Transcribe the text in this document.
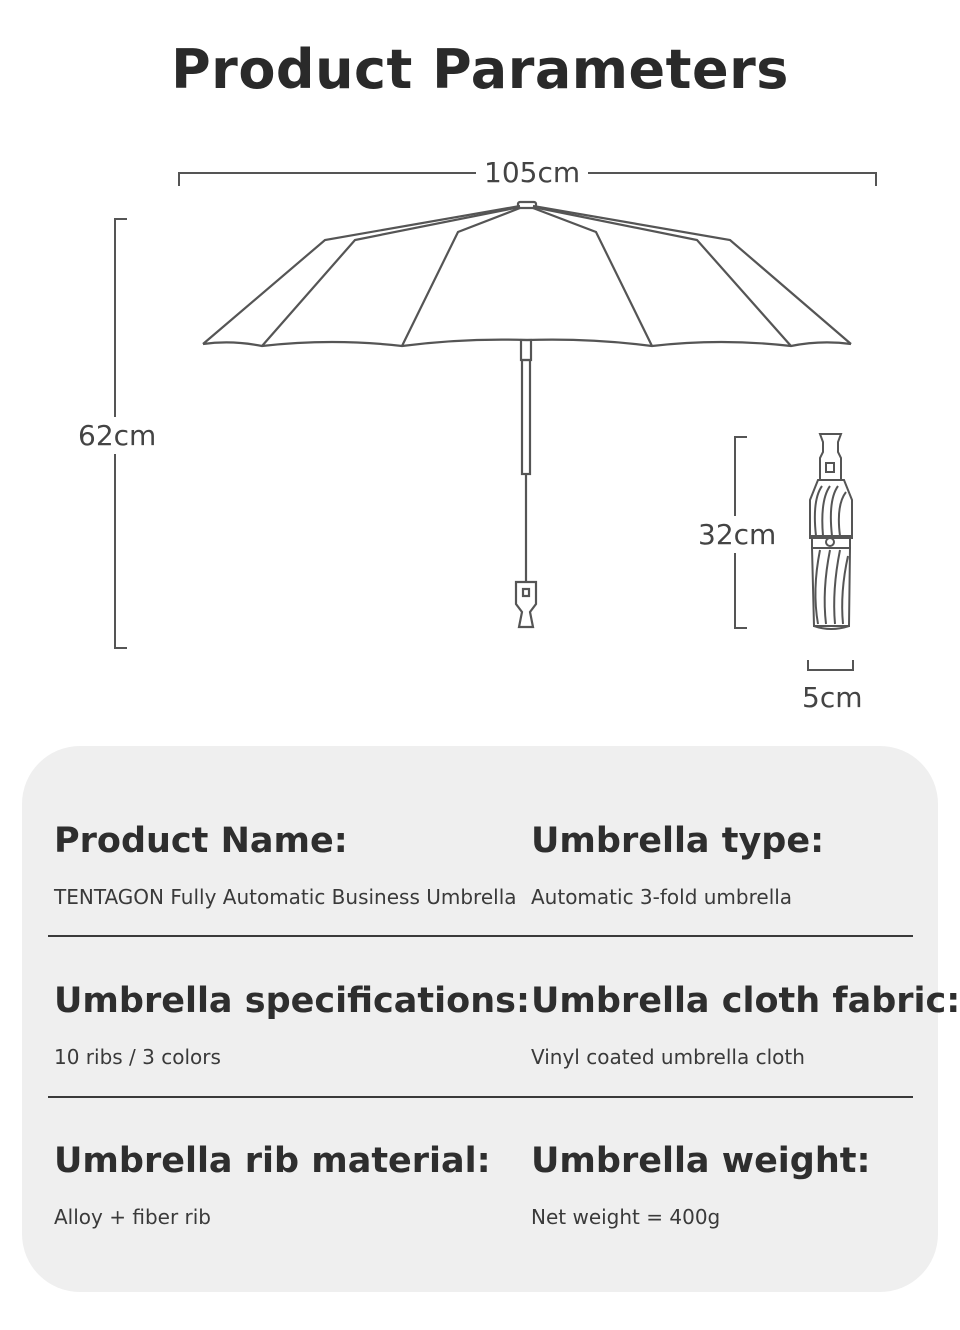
Product Parameters
105cm
62cm
32cm
5cm
Product Name:
TENTAGON Fully Automatic Business Umbrella
Umbrella type:
Automatic 3-fold umbrella
Umbrella specifications:
10 ribs / 3 colors
Umbrella cloth fabric:
Vinyl coated umbrella cloth
Umbrella rib material:
Alloy + fiber rib
Umbrella weight:
Net weight = 400g
